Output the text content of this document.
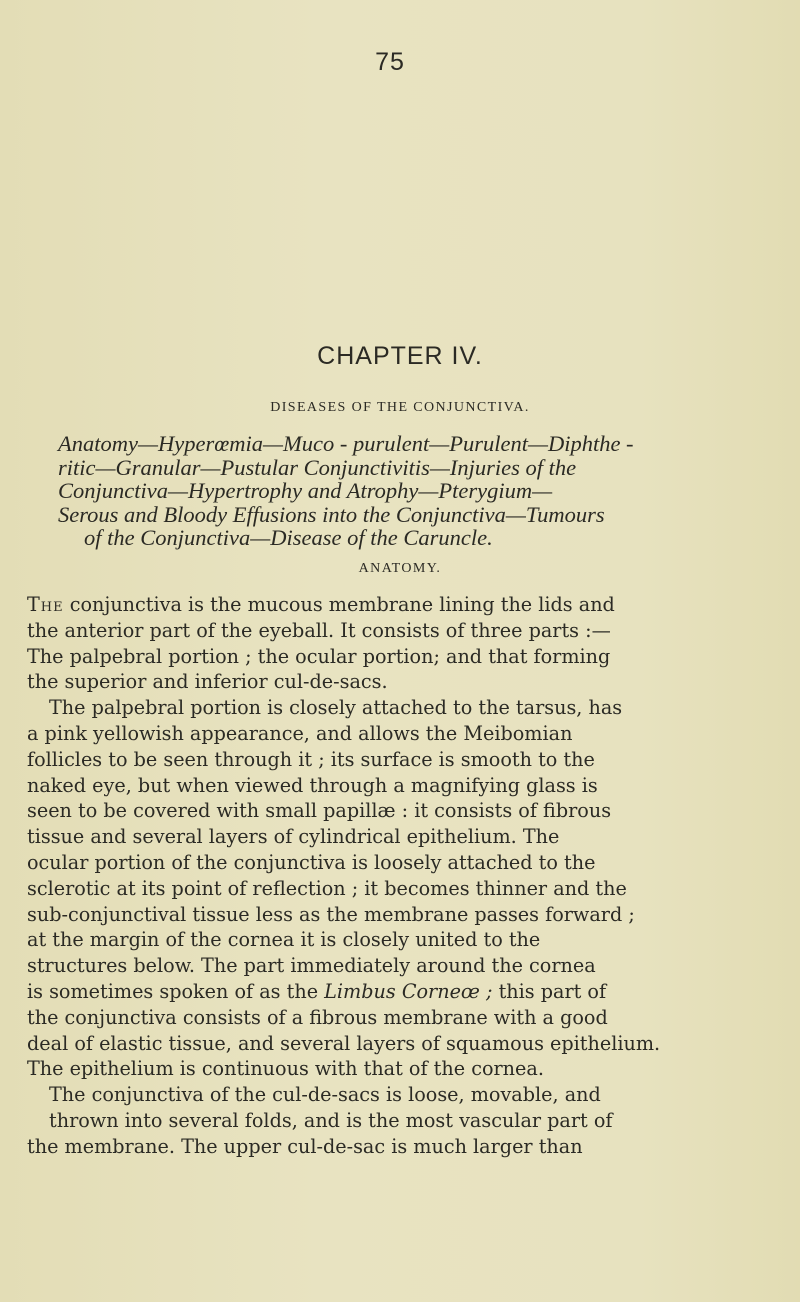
75
CHAPTER IV.
DISEASES OF THE CONJUNCTIVA.

Anatomy—Hyperœmia—Muco - purulent—Purulent—Diphthe -
ritic—Granular—Pustular Conjunctivitis—Injuries of the
Conjunctiva—Hypertrophy and Atrophy—Pterygium—
Serous and Bloody Effusions into the Conjunctiva—Tumours
of the Conjunctiva—Disease of the Caruncle.

ANATOMY.
The conjunctiva is the mucous membrane lining the lids and
the anterior part of the eyeball. It consists of three parts :—
The palpebral portion ; the ocular portion; and that forming
the superior and inferior cul-de-sacs.
The palpebral portion is closely attached to the tarsus, has
a pink yellowish appearance, and allows the Meibomian
follicles to be seen through it ; its surface is smooth to the
naked eye, but when viewed through a magnifying glass is
seen to be covered with small papillæ : it consists of fibrous
tissue and several layers of cylindrical epithelium. The
ocular portion of the conjunctiva is loosely attached to the
sclerotic at its point of reflection ; it becomes thinner and the
sub-conjunctival tissue less as the membrane passes forward ;
at the margin of the cornea it is closely united to the
structures below. The part immediately around the cornea
is sometimes spoken of as the Limbus Corneœ ; this part of
the conjunctiva consists of a fibrous membrane with a good
deal of elastic tissue, and several layers of squamous epithelium.
The epithelium is continuous with that of the cornea.
The conjunctiva of the cul-de-sacs is loose, movable, and
thrown into several folds, and is the most vascular part of
the membrane. The upper cul-de-sac is much larger than
